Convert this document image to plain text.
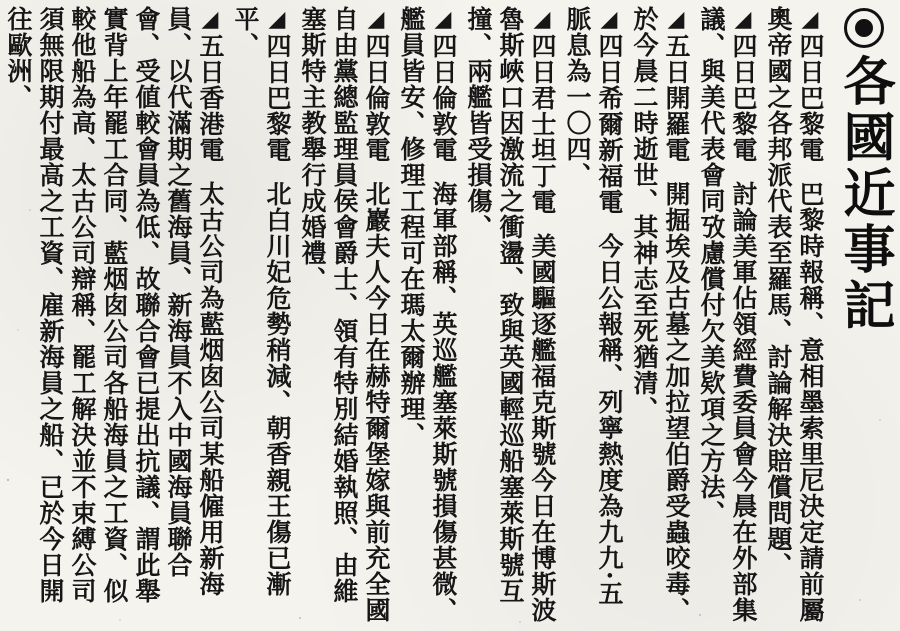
各國近事記
◢四日巴黎電巴黎時報稱、意相墨索里尼決定請前屬奧帝國之各邦派代表至羅馬、討論解決賠償問題、
◢四日巴黎電討論美軍佔領經費委員會今晨在外部集議、與美代表會同攷慮償付欠美欵項之方法、
◢五日開羅電開掘埃及古墓之加拉望伯爵受蟲咬毒、於今晨二時逝世、其神志至死猶清、
◢四日希爾新福電今日公報稱、列寧熱度為九九·五脈息為一〇四、
◢四日君士坦丁電美國驅逐艦福克斯號今日在博斯波魯斯峽口因激流之衝盪、致與英國輕巡船塞萊斯號互撞、兩艦皆受損傷、
◢四日倫敦電海軍部稱、英巡艦塞萊斯號損傷甚微、艦員皆安、修理工程可在瑪太爾辦理、
◢四日倫敦電北巖夫人今日在赫特爾堡嫁與前充全國自由黨總監理員侯會爵士、領有特別結婚執照、由維塞斯特主教舉行成婚禮、
◢四日巴黎電北白川妃危勢稍減、朝香親王傷已漸平、
◢五日香港電太古公司為藍烟囱公司某船僱用新海員、以代滿期之舊海員、新海員不入中國海員聯合會、受値較會員為低、故聯合會已提出抗議、謂此舉實背上年罷工合同、藍烟囱公司各船海員之工資、似較他船為高、太古公司辯稱、罷工解決並不束縛公司須無限期付最高之工資、雇新海員之船、已於今日開往歐洲、
